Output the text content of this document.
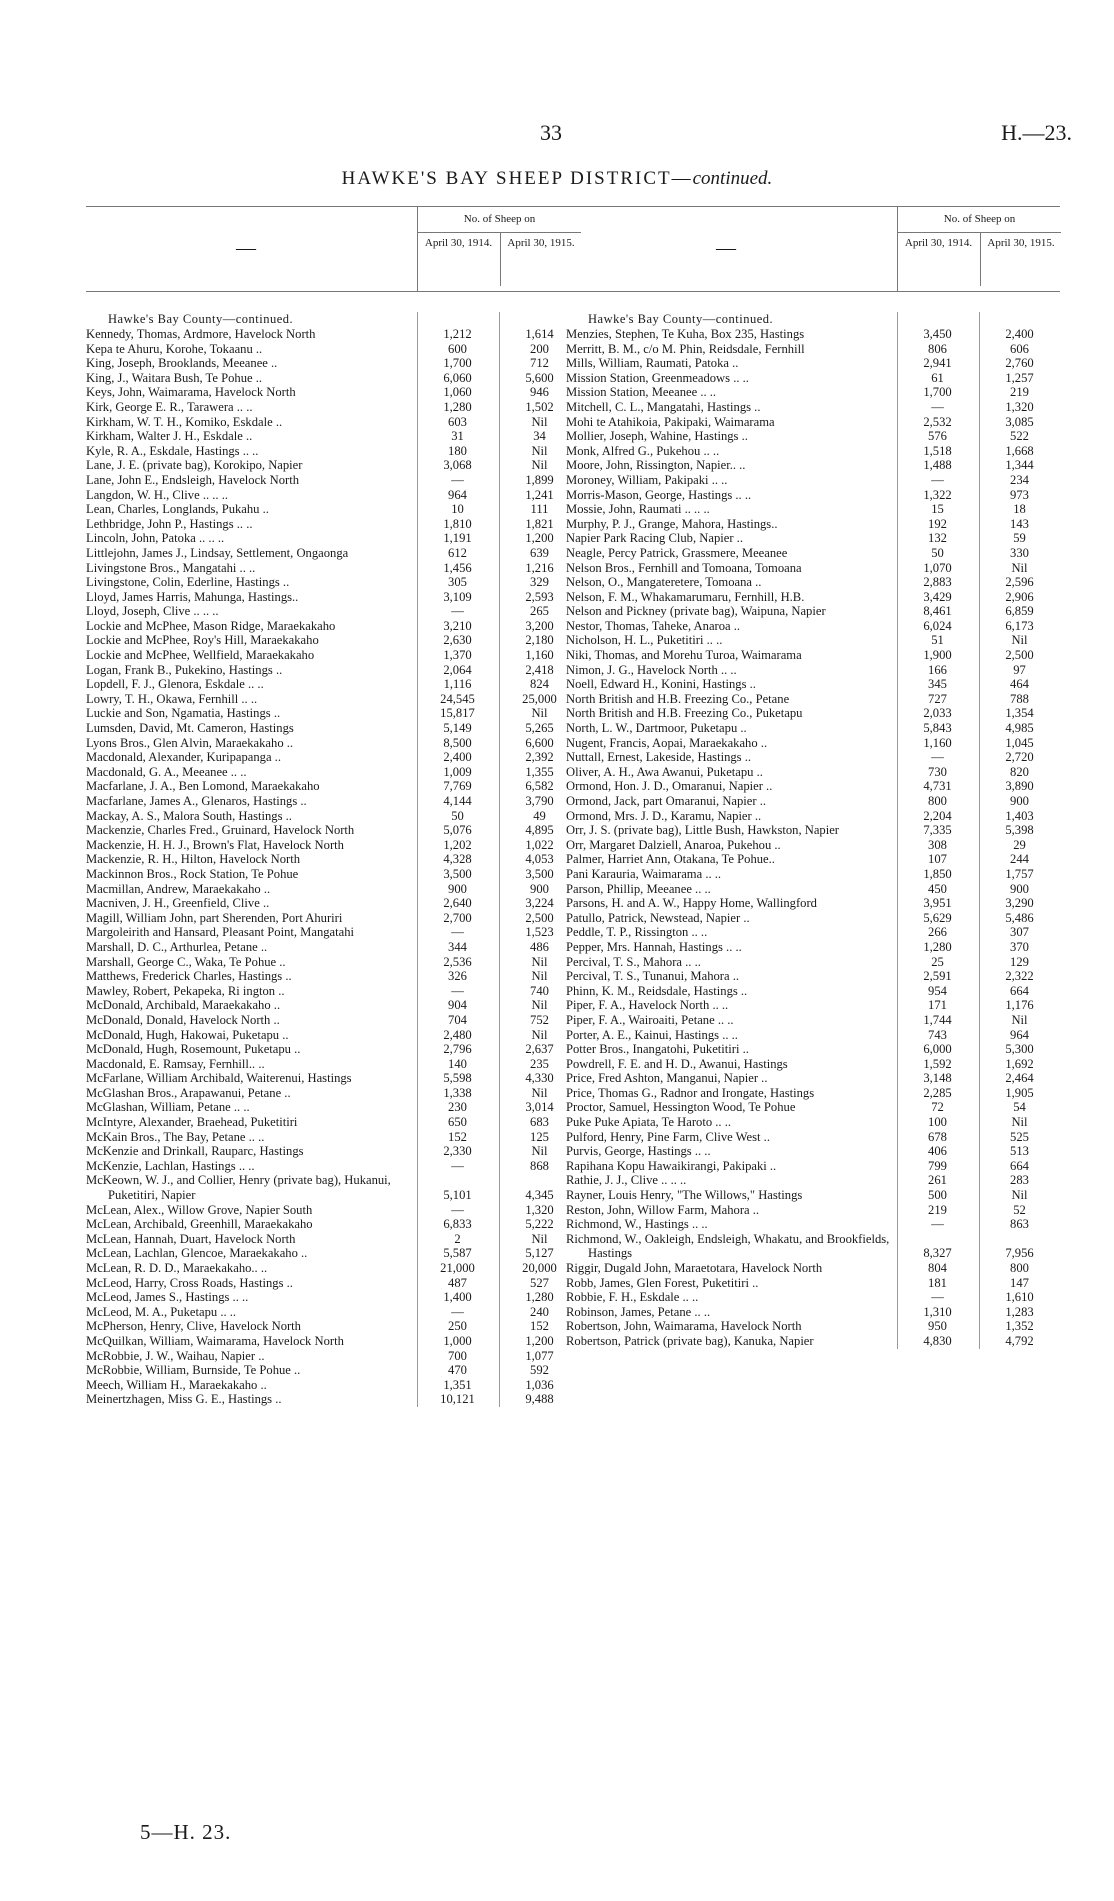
33	H.—23.
HAWKE'S BAY SHEEP DISTRICT—continued.
—
No. of Sheep on
April 30, 1914.	April 30, 1915.
Hawke's Bay County—continued.
Kennedy, Thomas, Ardmore, Havelock North	1,212	1,614
Kepa te Ahuru, Korohe, Tokaanu ..	600	200
King, Joseph, Brooklands, Meeanee ..	1,700	712
King, J., Waitara Bush, Te Pohue ..	6,060	5,600
Keys, John, Waimarama, Havelock North	1,060	946
Kirk, George E. R., Tarawera .. ..	1,280	1,502
Kirkham, W. T. H., Komiko, Eskdale ..	603	Nil
Kirkham, Walter J. H., Eskdale ..	31	34
Kyle, R. A., Eskdale, Hastings .. ..	180	Nil
Lane, J. E. (private bag), Korokipo, Napier	3,068	Nil
Lane, John E., Endsleigh, Havelock North	—	1,899
Langdon, W. H., Clive .. .. ..	964	1,241
Lean, Charles, Longlands, Pukahu ..	10	111
Lethbridge, John P., Hastings .. ..	1,810	1,821
Lincoln, John, Patoka .. .. ..	1,191	1,200
Littlejohn, James J., Lindsay, Settlement, Ongaonga	612	639
Livingstone Bros., Mangatahi .. ..	1,456	1,216
Livingstone, Colin, Ederline, Hastings ..	305	329
Lloyd, James Harris, Mahunga, Hastings..	3,109	2,593
Lloyd, Joseph, Clive .. .. ..	—	265
Lockie and McPhee, Mason Ridge, Maraekakaho	3,210	3,200
Lockie and McPhee, Roy's Hill, Maraekakaho	2,630	2,180
Lockie and McPhee, Wellfield, Maraekakaho	1,370	1,160
Logan, Frank B., Pukekino, Hastings ..	2,064	2,418
Lopdell, F. J., Glenora, Eskdale .. ..	1,116	824
Lowry, T. H., Okawa, Fernhill .. ..	24,545	25,000
Luckie and Son, Ngamatia, Hastings ..	15,817	Nil
Lumsden, David, Mt. Cameron, Hastings	5,149	5,265
Lyons Bros., Glen Alvin, Maraekakaho ..	8,500	6,600
Macdonald, Alexander, Kuripapanga ..	2,400	2,392
Macdonald, G. A., Meeanee .. ..	1,009	1,355
Macfarlane, J. A., Ben Lomond, Maraekakaho	7,769	6,582
Macfarlane, James A., Glenaros, Hastings ..	4,144	3,790
Mackay, A. S., Malora South, Hastings ..	50	49
Mackenzie, Charles Fred., Gruinard, Havelock North	5,076	4,895
Mackenzie, H. H. J., Brown's Flat, Havelock North	1,202	1,022
Mackenzie, R. H., Hilton, Havelock North	4,328	4,053
Mackinnon Bros., Rock Station, Te Pohue	3,500	3,500
Macmillan, Andrew, Maraekakaho ..	900	900
Macniven, J. H., Greenfield, Clive ..	2,640	3,224
Magill, William John, part Sherenden, Port Ahuriri	2,700	2,500
Margoleirith and Hansard, Pleasant Point, Mangatahi	—	1,523
Marshall, D. C., Arthurlea, Petane ..	344	486
Marshall, George C., Waka, Te Pohue ..	2,536	Nil
Matthews, Frederick Charles, Hastings ..	326	Nil
Mawley, Robert, Pekapeka, Ri ington ..	—	740
McDonald, Archibald, Maraekakaho ..	904	Nil
McDonald, Donald, Havelock North ..	704	752
McDonald, Hugh, Hakowai, Puketapu ..	2,480	Nil
McDonald, Hugh, Rosemount, Puketapu ..	2,796	2,637
Macdonald, E. Ramsay, Fernhill.. ..	140	235
McFarlane, William Archibald, Waiterenui, Hastings	5,598	4,330
McGlashan Bros., Arapawanui, Petane ..	1,338	Nil
McGlashan, William, Petane .. ..	230	3,014
McIntyre, Alexander, Braehead, Puketitiri	650	683
McKain Bros., The Bay, Petane .. ..	152	125
McKenzie and Drinkall, Rauparc, Hastings	2,330	Nil
McKenzie, Lachlan, Hastings .. ..	—	868
McKeown, W. J., and Collier, Henry (private bag), Hukanui, Puketitiri, Napier	5,101	4,345
McLean, Alex., Willow Grove, Napier South	—	1,320
McLean, Archibald, Greenhill, Maraekakaho	6,833	5,222
McLean, Hannah, Duart, Havelock North	2	Nil
McLean, Lachlan, Glencoe, Maraekakaho ..	5,587	5,127
McLean, R. D. D., Maraekakaho.. ..	21,000	20,000
McLeod, Harry, Cross Roads, Hastings ..	487	527
McLeod, James S., Hastings .. ..	1,400	1,280
McLeod, M. A., Puketapu .. ..	—	240
McPherson, Henry, Clive, Havelock North	250	152
McQuilkan, William, Waimarama, Havelock North	1,000	1,200
McRobbie, J. W., Waihau, Napier ..	700	1,077
McRobbie, William, Burnside, Te Pohue ..	470	592
Meech, William H., Maraekakaho ..	1,351	1,036
Meinertzhagen, Miss G. E., Hastings ..	10,121	9,488
—
No. of Sheep on
April 30, 1914.	April 30, 1915.
Hawke's Bay County—continued.
Menzies, Stephen, Te Kuha, Box 235, Hastings	3,450	2,400
Merritt, B. M., c/o M. Phin, Reidsdale, Fernhill	806	606
Mills, William, Raumati, Patoka ..	2,941	2,760
Mission Station, Greenmeadows .. ..	61	1,257
Mission Station, Meeanee .. ..	1,700	219
Mitchell, C. L., Mangatahi, Hastings ..	—	1,320
Mohi te Atahikoia, Pakipaki, Waimarama	2,532	3,085
Mollier, Joseph, Wahine, Hastings ..	576	522
Monk, Alfred G., Pukehou .. ..	1,518	1,668
Moore, John, Rissington, Napier.. ..	1,488	1,344
Moroney, William, Pakipaki .. ..	—	234
Morris-Mason, George, Hastings .. ..	1,322	973
Mossie, John, Raumati .. .. ..	15	18
Murphy, P. J., Grange, Mahora, Hastings..	192	143
Napier Park Racing Club, Napier ..	132	59
Neagle, Percy Patrick, Grassmere, Meeanee	50	330
Nelson Bros., Fernhill and Tomoana, Tomoana	1,070	Nil
Nelson, O., Mangateretere, Tomoana ..	2,883	2,596
Nelson, F. M., Whakamarumaru, Fernhill, H.B.	3,429	2,906
Nelson and Pickney (private bag), Waipuna, Napier	8,461	6,859
Nestor, Thomas, Taheke, Anaroa ..	6,024	6,173
Nicholson, H. L., Puketitiri .. ..	51	Nil
Niki, Thomas, and Morehu Turoa, Waimarama	1,900	2,500
Nimon, J. G., Havelock North .. ..	166	97
Noell, Edward H., Konini, Hastings ..	345	464
North British and H.B. Freezing Co., Petane	727	788
North British and H.B. Freezing Co., Puketapu	2,033	1,354
North, L. W., Dartmoor, Puketapu ..	5,843	4,985
Nugent, Francis, Aopai, Maraekakaho ..	1,160	1,045
Nuttall, Ernest, Lakeside, Hastings ..	—	2,720
Oliver, A. H., Awa Awanui, Puketapu ..	730	820
Ormond, Hon. J. D., Omaranui, Napier ..	4,731	3,890
Ormond, Jack, part Omaranui, Napier ..	800	900
Ormond, Mrs. J. D., Karamu, Napier ..	2,204	1,403
Orr, J. S. (private bag), Little Bush, Hawkston, Napier	7,335	5,398
Orr, Margaret Dalziell, Anaroa, Pukehou ..	308	29
Palmer, Harriet Ann, Otakana, Te Pohue..	107	244
Pani Karauria, Waimarama .. ..	1,850	1,757
Parson, Phillip, Meeanee .. ..	450	900
Parsons, H. and A. W., Happy Home, Wallingford	3,951	3,290
Patullo, Patrick, Newstead, Napier ..	5,629	5,486
Peddle, T. P., Rissington .. ..	266	307
Pepper, Mrs. Hannah, Hastings .. ..	1,280	370
Percival, T. S., Mahora .. ..	25	129
Percival, T. S., Tunanui, Mahora ..	2,591	2,322
Phinn, K. M., Reidsdale, Hastings ..	954	664
Piper, F. A., Havelock North .. ..	171	1,176
Piper, F. A., Wairoaiti, Petane .. ..	1,744	Nil
Porter, A. E., Kainui, Hastings .. ..	743	964
Potter Bros., Inangatohi, Puketitiri ..	6,000	5,300
Powdrell, F. E. and H. D., Awanui, Hastings	1,592	1,692
Price, Fred Ashton, Manganui, Napier ..	3,148	2,464
Price, Thomas G., Radnor and Irongate, Hastings	2,285	1,905
Proctor, Samuel, Hessington Wood, Te Pohue	72	54
Puke Puke Apiata, Te Haroto .. ..	100	Nil
Pulford, Henry, Pine Farm, Clive West ..	678	525
Purvis, George, Hastings .. ..	406	513
Rapihana Kopu Hawaikirangi, Pakipaki ..	799	664
Rathie, J. J., Clive .. .. ..	261	283
Rayner, Louis Henry, "The Willows," Hastings	500	Nil
Reston, John, Willow Farm, Mahora ..	219	52
Richmond, W., Hastings .. ..	—	863
Richmond, W., Oakleigh, Endsleigh, Whakatu, and Brookfields, Hastings	8,327	7,956
Riggir, Dugald John, Maraetotara, Havelock North	804	800
Robb, James, Glen Forest, Puketitiri ..	181	147
Robbie, F. H., Eskdale .. ..	—	1,610
Robinson, James, Petane .. ..	1,310	1,283
Robertson, John, Waimarama, Havelock North	950	1,352
Robertson, Patrick (private bag), Kanuka, Napier	4,830	4,792
5—H. 23.
